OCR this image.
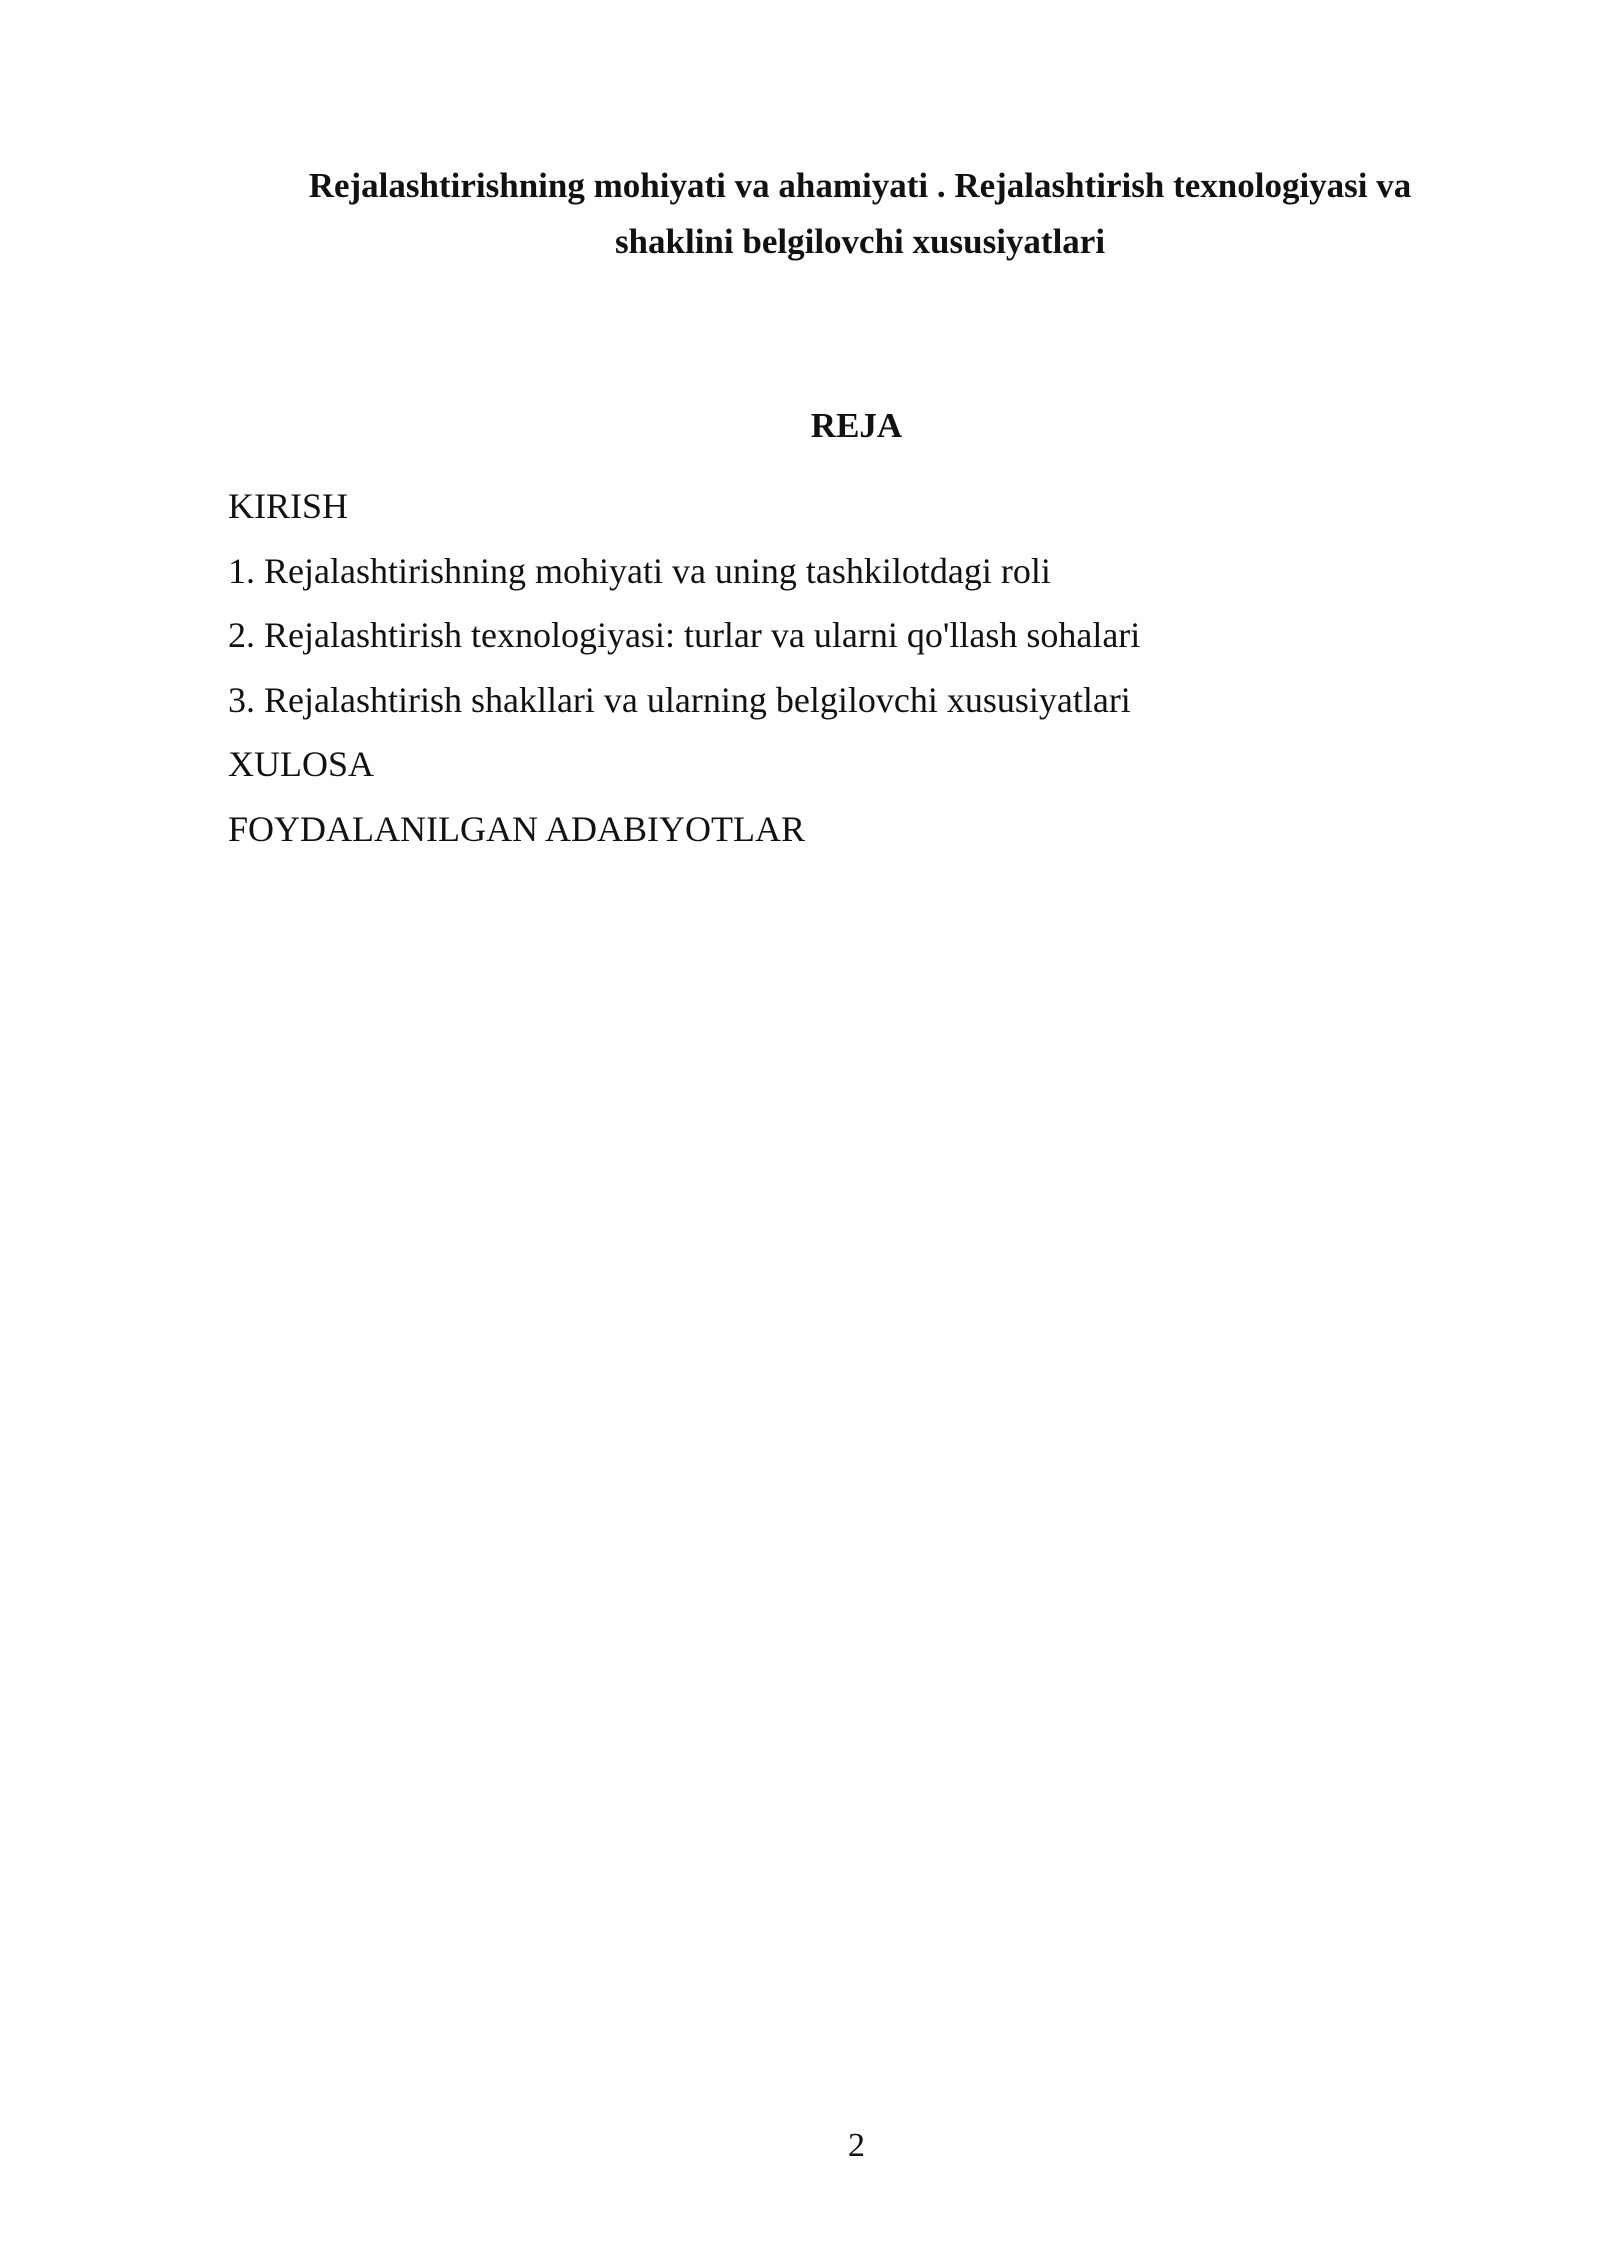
Rejalashtirishning mohiyati va ahamiyati . Rejalashtirish texnologiyasi va
shaklini belgilovchi xususiyatlari
REJA
KIRISH
1. Rejalashtirishning mohiyati va uning tashkilotdagi roli
2. Rejalashtirish texnologiyasi: turlar va ularni qo'llash sohalari
3. Rejalashtirish shakllari va ularning belgilovchi xususiyatlari
XULOSA
FOYDALANILGAN ADABIYOTLAR
2
